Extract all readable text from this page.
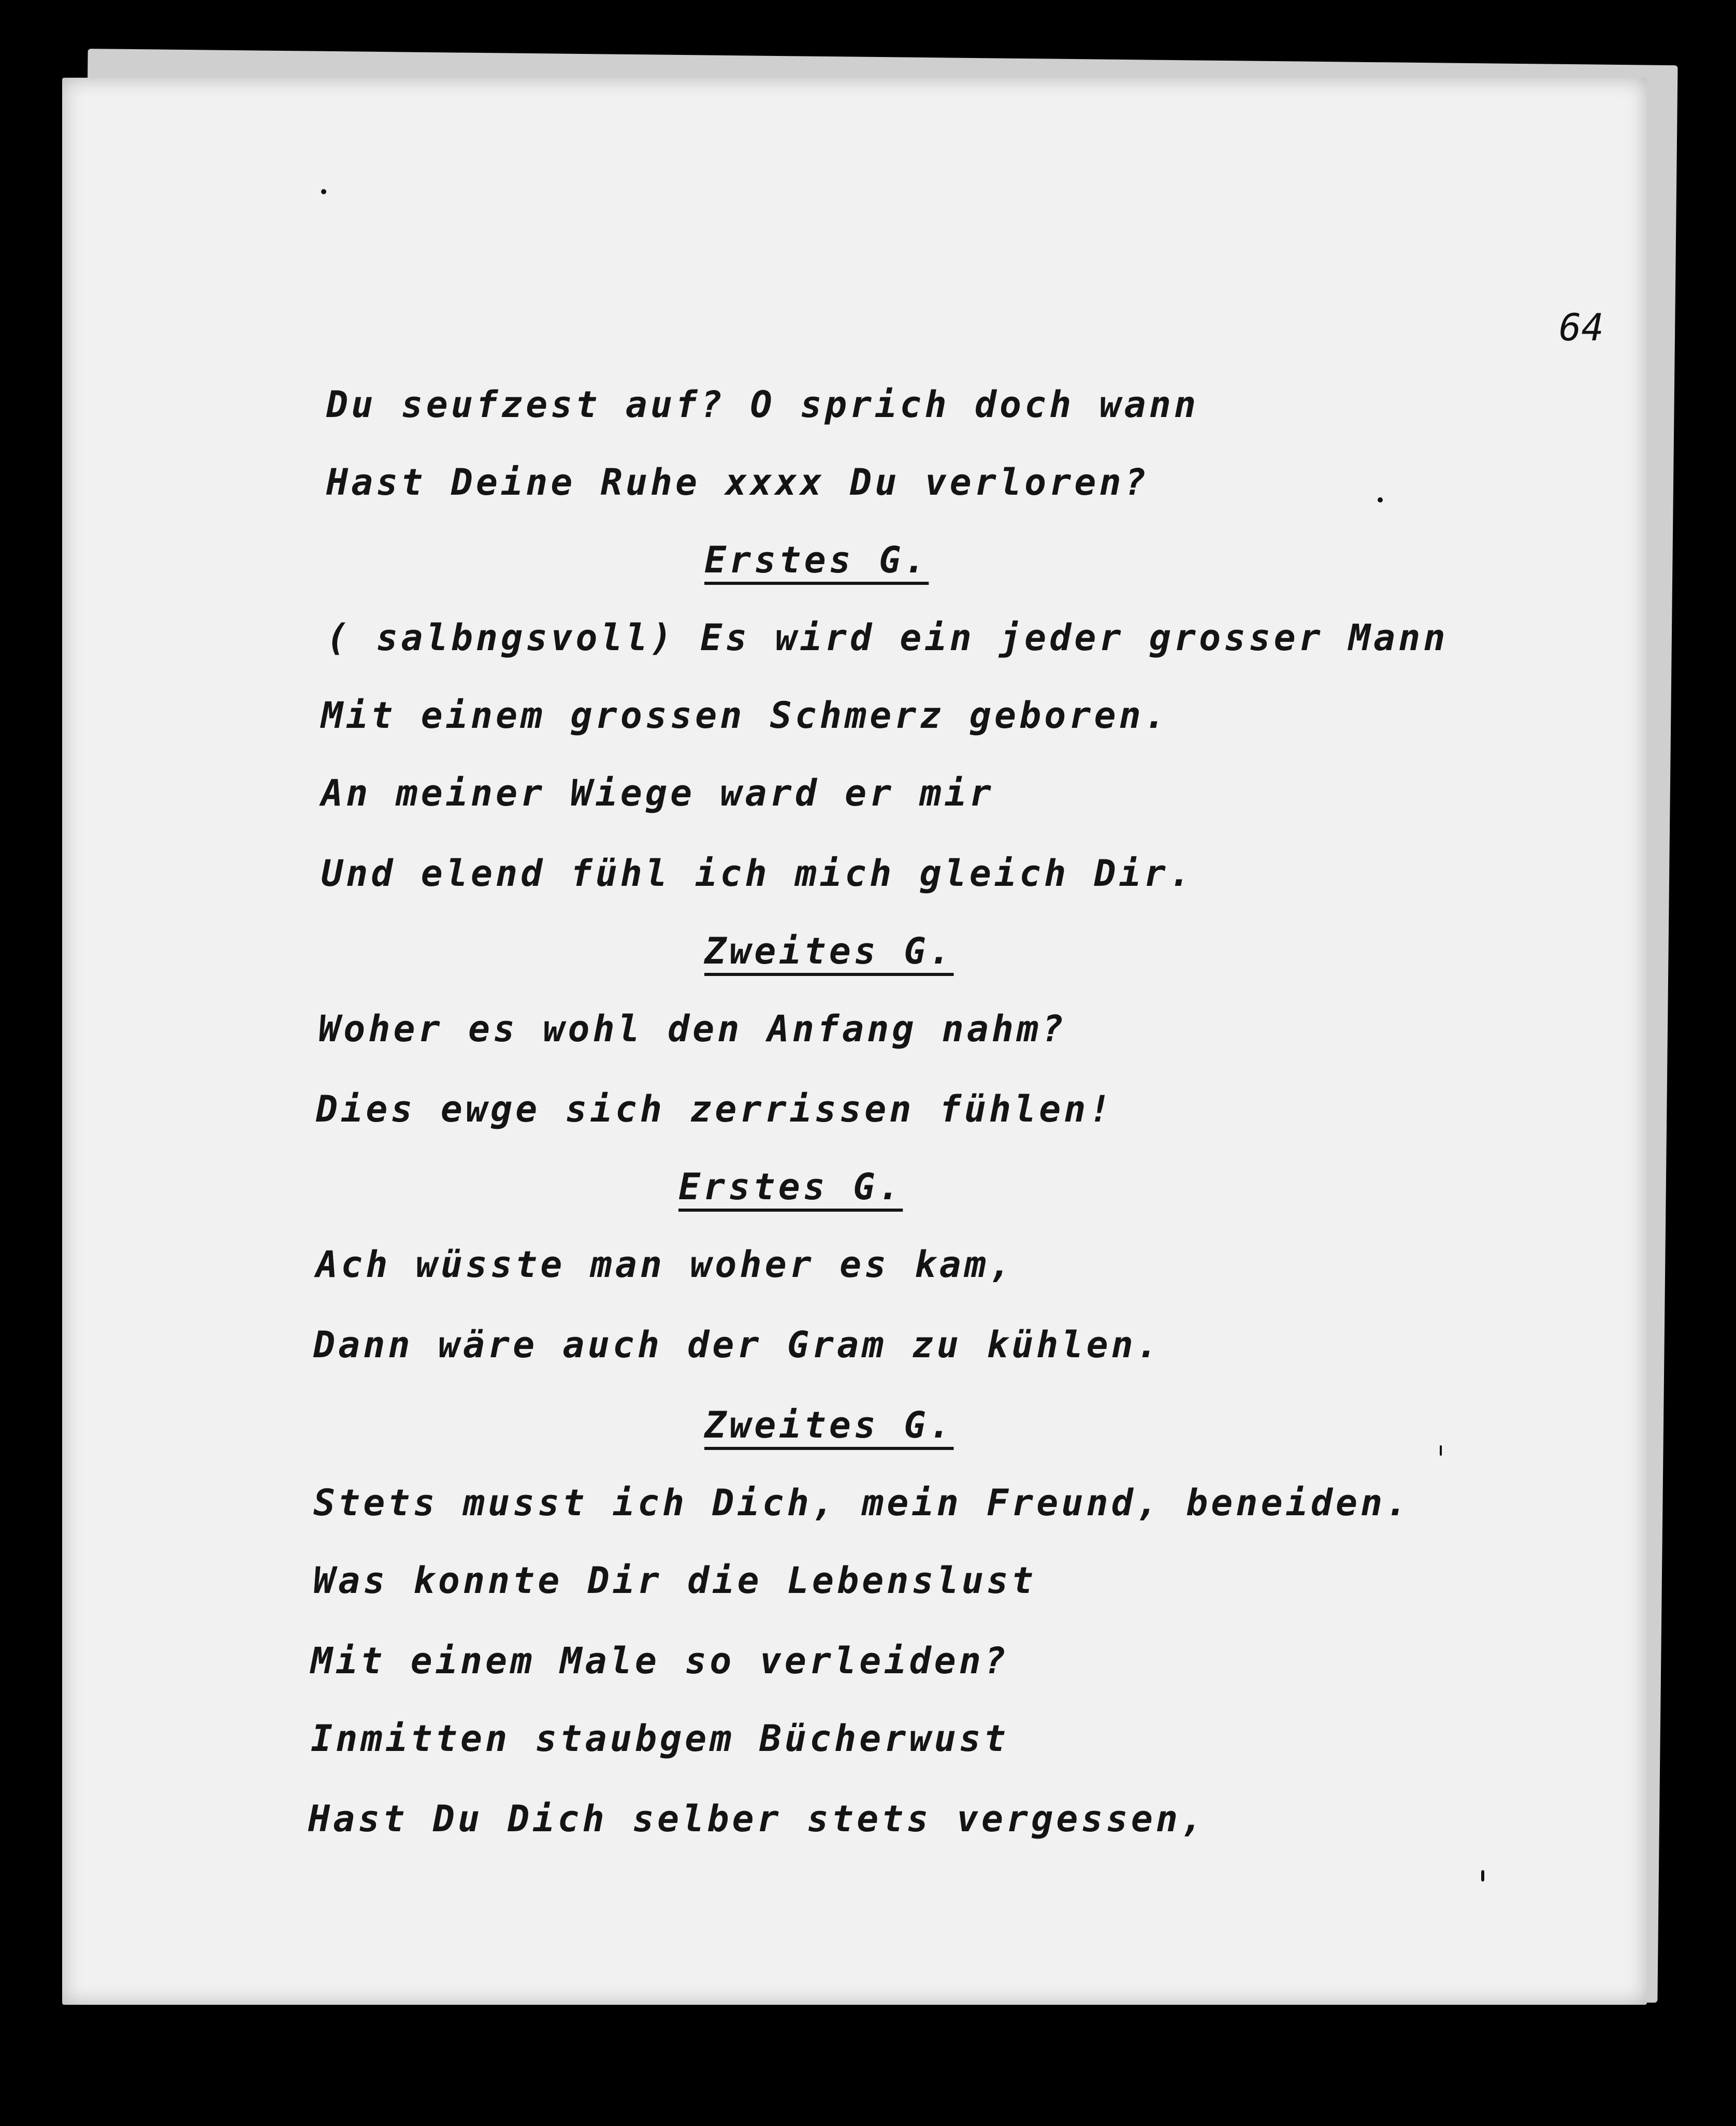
64
Du seufzest auf? O sprich doch wann
Hast Deine Ruhe xxxx Du verloren?
Erstes G.
( salbngsvoll) Es wird ein jeder grosser Mann
Mit einem grossen Schmerz geboren.
An meiner Wiege ward er mir
Und elend fühl ich mich gleich Dir.
Zweites G.
Woher es wohl den Anfang nahm?
Dies ewge sich zerrissen fühlen!
Erstes G.
Ach wüsste man woher es kam,
Dann wäre auch der Gram zu kühlen.
Zweites G.
Stets musst ich Dich, mein Freund, beneiden.
Was konnte Dir die Lebenslust
Mit einem Male so verleiden?
Inmitten staubgem Bücherwust
Hast Du Dich selber stets vergessen,
